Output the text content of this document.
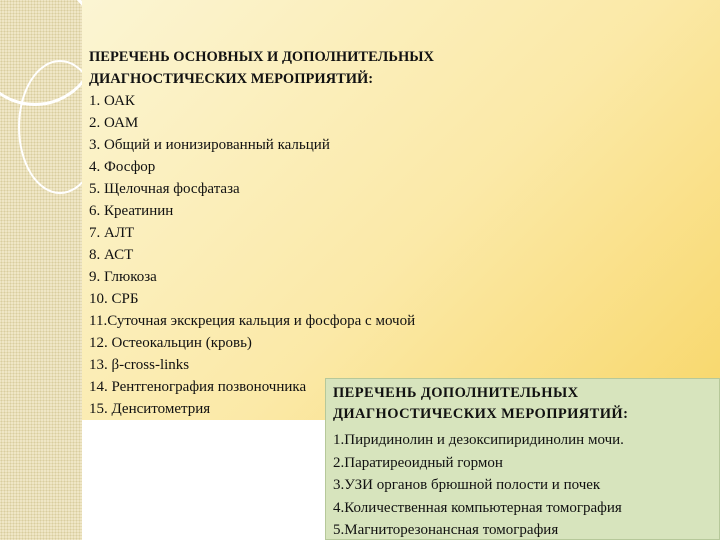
ПЕРЕЧЕНЬ ОСНОВНЫХ И ДОПОЛНИТЕЛЬНЫХ
ДИАГНОСТИЧЕСКИХ МЕРОПРИЯТИЙ:
1. ОАК
2. ОАМ
3. Общий и ионизированный кальций
4. Фосфор
5. Щелочная фосфатаза
6. Креатинин
7. АЛТ
8. АСТ
9. Глюкоза
10. СРБ
11.Суточная экскреция кальция и фосфора с мочой
12. Остеокальцин (кровь)
13. β-cross-links
14. Рентгенография позвоночника
15. Денситометрия
ПЕРЕЧЕНЬ ДОПОЛНИТЕЛЬНЫХ
ДИАГНОСТИЧЕСКИХ МЕРОПРИЯТИЙ:
1.Пиридинолин и дезоксипиридинолин мочи.
2.Паратиреоидный гормон
3.УЗИ органов брюшной полости и почек
4.Количественная компьютерная томография
5.Магниторезонансная томография
